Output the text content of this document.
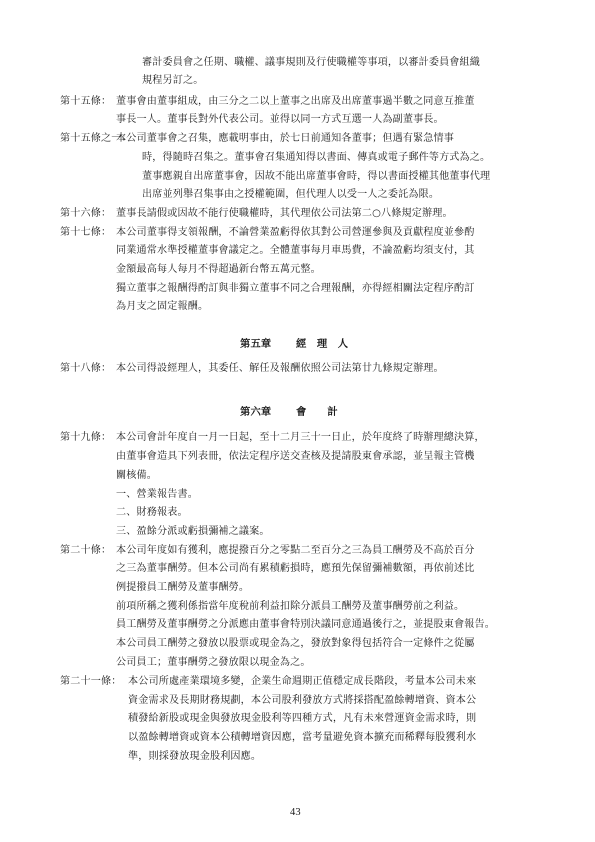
審計委員會之任期、職權、議事規則及行使職權等事項，以審計委員會組織
規程另訂之。
第十五條： 董事會由董事組成，由三分之二以上董事之出席及出席董事過半數之同意互推董
事長一人。董事長對外代表公司。並得以同一方式互選一人為副董事長。
第十五條之一：
本公司董事會之召集，應載明事由，於七日前通知各董事；但遇有緊急情事
時，得隨時召集之。董事會召集通知得以書面、傳真或電子郵件等方式為之。
董事應親自出席董事會，因故不能出席董事會時，得以書面授權其他董事代理
出席並列舉召集事由之授權範圍，但代理人以受一人之委託為限。
第十六條： 董事長請假或因故不能行使職權時，其代理依公司法第二○八條規定辦理。
第十七條： 本公司董事得支領報酬，不論營業盈虧得依其對公司營運參與及貢獻程度並參酌
同業通常水準授權董事會議定之。全體董事每月車馬費，不論盈虧均須支付，其
金額最高每人每月不得超過新台幣五萬元整。
獨立董事之報酬得酌訂與非獨立董事不同之合理報酬，亦得經相關法定程序酌訂
為月支之固定報酬。
第五章 經　理　人
第十八條： 本公司得設經理人，其委任、解任及報酬依照公司法第廿九條規定辦理。
第六章 會　　計
第十九條： 本公司會計年度自一月一日起，至十二月三十一日止，於年度終了時辦理總決算，
由董事會造具下列表冊，依法定程序送交查核及提請股東會承認，並呈報主管機
關核備。
一、營業報告書。
二、財務報表。
三、盈餘分派或虧損彌補之議案。
第二十條： 本公司年度如有獲利，應提撥百分之零點二至百分之三為員工酬勞及不高於百分
之三為董事酬勞。但本公司尚有累積虧損時，應預先保留彌補數額，再依前述比
例提撥員工酬勞及董事酬勞。
前項所稱之獲利係指當年度稅前利益扣除分派員工酬勞及董事酬勞前之利益。
員工酬勞及董事酬勞之分派應由董事會特別決議同意通過後行之，並提股東會報告。
本公司員工酬勞之發放以股票或現金為之，發放對象得包括符合一定條件之從屬
公司員工；董事酬勞之發放限以現金為之。
第二十一條： 本公司所處產業環境多變，企業生命週期正值穩定成長階段，考量本公司未來
資金需求及長期財務規劃，本公司股利發放方式將採搭配盈餘轉增資、資本公
積發給新股或現金與發放現金股利等四種方式，凡有未來營運資金需求時，則
以盈餘轉增資或資本公積轉增資因應，當考量避免資本擴充而稀釋每股獲利水
準，則採發放現金股利因應。
43
